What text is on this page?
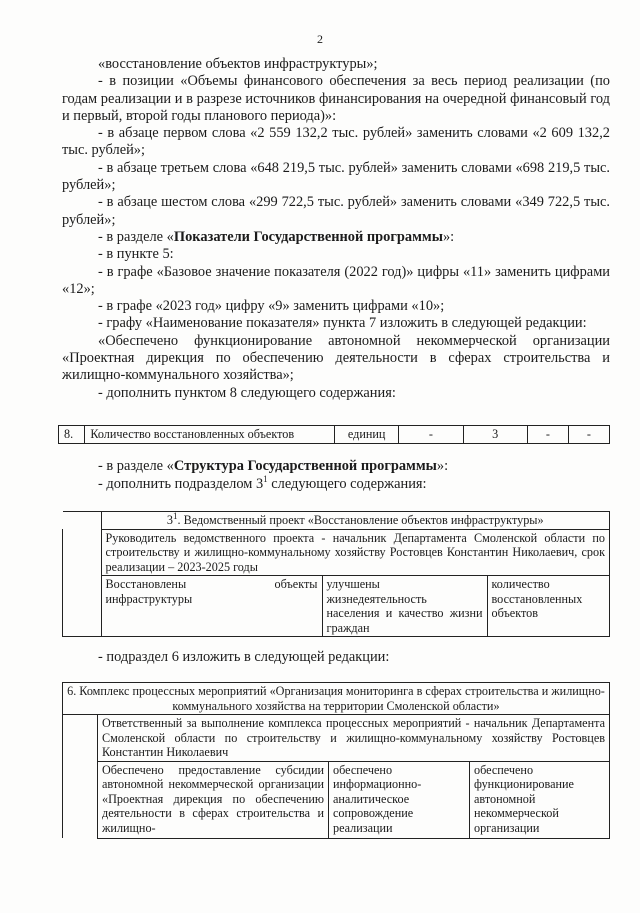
2

«восстановление объектов инфраструктуры»;

- в позиции «Объемы финансового обеспечения за весь период реализации (по годам реализации и в разрезе источников финансирования на очередной финансовый год и первый, второй годы планового периода)»:

- в абзаце первом слова «2 559 132,2 тыс. рублей» заменить словами «2 609 132,2 тыс. рублей»;

- в абзаце третьем слова «648 219,5 тыс. рублей» заменить словами «698 219,5 тыс. рублей»;

- в абзаце шестом слова «299 722,5 тыс. рублей» заменить словами «349 722,5 тыс. рублей»;

- в разделе «Показатели Государственной программы»:

- в пункте 5:

- в графе «Базовое значение показателя (2022 год)» цифры «11» заменить цифрами «12»;

- в графе «2023 год» цифру «9» заменить цифрами «10»;

- графу «Наименование показателя» пункта 7 изложить в следующей редакции:

«Обеспечено функционирование автономной некоммерческой организации «Проектная дирекция по обеспечению деятельности в сферах строительства и жилищно-коммунального хозяйства»;

- дополнить пунктом 8 следующего содержания:

8.	Количество восстановленных объектов	единиц	-	3	-	-
- в разделе «Структура Государственной программы»:
- дополнить подразделом $3^1$ следующего содержания:
	$3^1$. Ведомственный проект «Восстановление объектов инфраструктуры»		
	Руководитель ведомственного проекта - начальник Департамента Смоленской области по строительству и жилищно-коммунальному хозяйству Ростовцев Константин Николаевич, срок реализации – 2023-2025 годы		
	Восстановлены объекты инфраструктуры	улучшены жизнедеятельность населения и качество жизни граждан	количество восстановленных объектов
- подраздел 6 изложить в следующей редакции:
6. Комплекс процессных мероприятий «Организация мониторинга в сферах строительства и жилищно-коммунального хозяйства на территории Смоленской области»			
	Ответственный за выполнение комплекса процессных мероприятий - начальник Департамента Смоленской области по строительству и жилищно-коммунальному хозяйству Ростовцев Константин Николаевич		
	Обеспечено предоставление субсидии автономной некоммерческой организации «Проектная дирекция по обеспечению деятельности в сферах строительства и жилищно-	обеспечено информационно-аналитическое сопровождение реализации	обеспечено функционирование автономной некоммерческой организации
